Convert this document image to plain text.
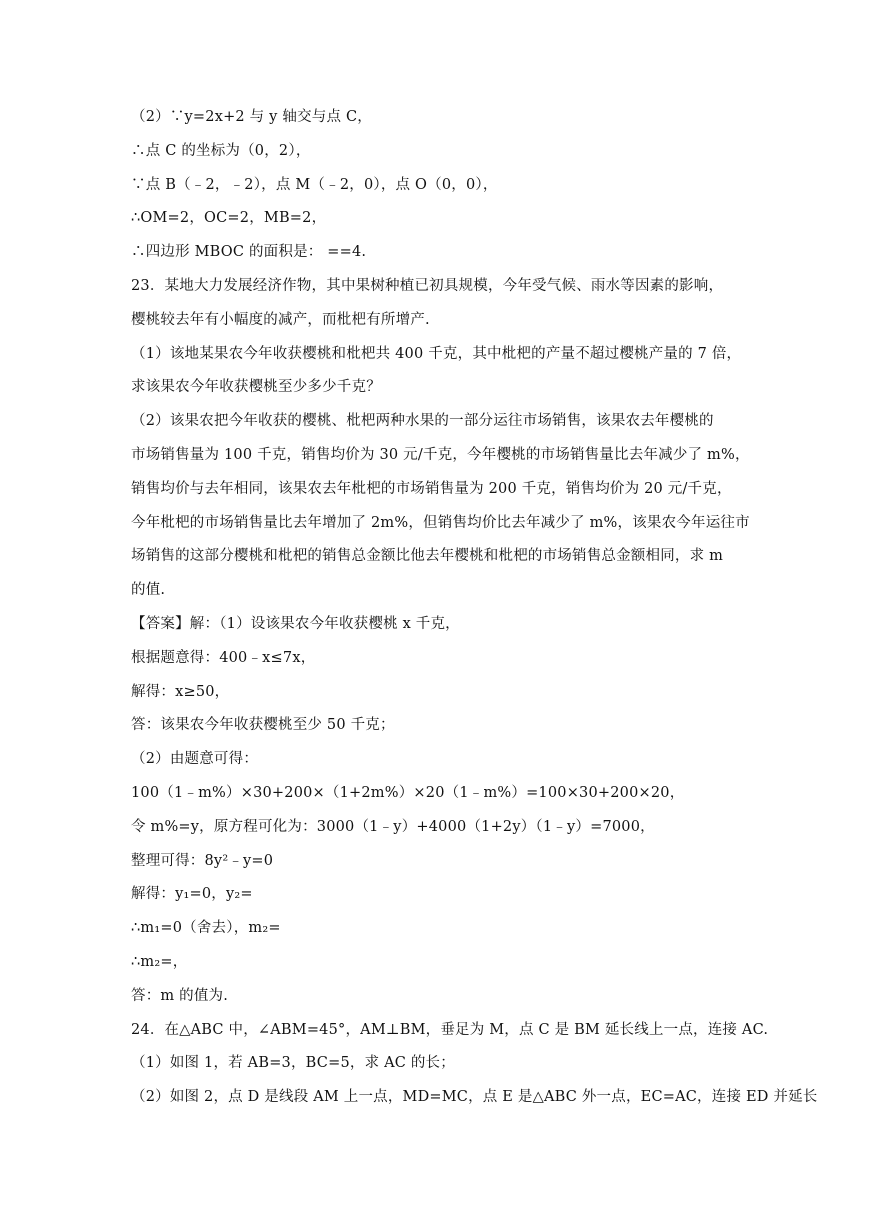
（2）∵y=2x+2 与 y 轴交与点 C，
∴点 C 的坐标为（0，2），
∵点 B（﹣2，﹣2），点 M（﹣2，0），点 O（0，0），
∴OM=2，OC=2，MB=2，
∴四边形 MBOC 的面积是： ==4.
23．某地大力发展经济作物，其中果树种植已初具规模，今年受气候、雨水等因素的影响，
樱桃较去年有小幅度的减产，而枇杷有所增产.
（1）该地某果农今年收获樱桃和枇杷共 400 千克，其中枇杷的产量不超过樱桃产量的 7 倍，
求该果农今年收获樱桃至少多少千克？
（2）该果农把今年收获的樱桃、枇杷两种水果的一部分运往市场销售，该果农去年樱桃的
市场销售量为 100 千克，销售均价为 30 元/千克，今年樱桃的市场销售量比去年减少了 m%，
销售均价与去年相同，该果农去年枇杷的市场销售量为 200 千克，销售均价为 20 元/千克，
今年枇杷的市场销售量比去年增加了 2m%，但销售均价比去年减少了 m%，该果农今年运往市
场销售的这部分樱桃和枇杷的销售总金额比他去年樱桃和枇杷的市场销售总金额相同，求 m
的值.
【答案】解：（1）设该果农今年收获樱桃 x 千克，
根据题意得：400﹣x≤7x，
解得：x≥50，
答：该果农今年收获樱桃至少 50 千克；
（2）由题意可得：
100（1﹣m%）×30+200×（1+2m%）×20（1﹣m%）=100×30+200×20，
令 m%=y，原方程可化为：3000（1﹣y）+4000（1+2y）（1﹣y）=7000，
整理可得：8y²﹣y=0
解得：y₁=0，y₂=
∴m₁=0（舍去），m₂=
∴m₂=，
答：m 的值为.
24．在△ABC 中，∠ABM=45°，AM⊥BM，垂足为 M，点 C 是 BM 延长线上一点，连接 AC.
（1）如图 1，若 AB=3，BC=5，求 AC 的长；
（2）如图 2，点 D 是线段 AM 上一点，MD=MC，点 E 是△ABC 外一点，EC=AC，连接 ED 并延长
